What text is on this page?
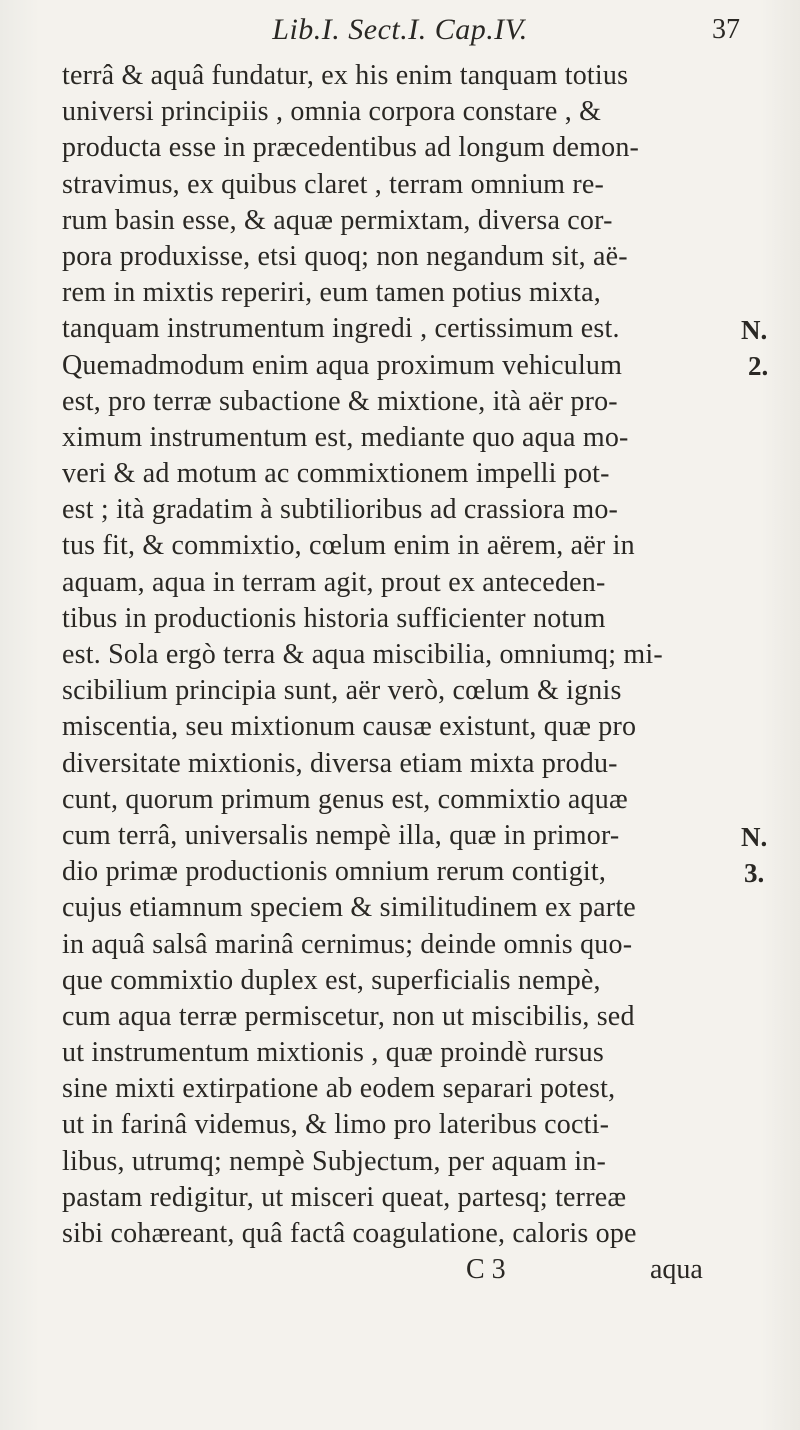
Lib.I. Sect.I. Cap.IV.	37
terrâ & aquâ fundatur, ex his enim tanquam totius
universi principiis , omnia corpora constare , &
producta esse in præcedentibus ad longum demon-
stravimus, ex quibus claret , terram omnium re-
rum basin esse, & aquæ permixtam, diversa cor-
pora produxisse, etsi quoq; non negandum sit, aë-
rem in mixtis reperiri, eum tamen potius mixta,
tanquam instrumentum ingredi , certissimum est.
Quemadmodum enim aqua proximum vehiculum
est, pro terræ subactione & mixtione, ità aër pro-
ximum instrumentum est, mediante quo aqua mo-
veri & ad motum ac commixtionem impelli pot-
est ; ità gradatim à subtilioribus ad crassiora mo-
tus fit, & commixtio, cœlum enim in aërem, aër in
aquam, aqua in terram agit, prout ex anteceden-
tibus in productionis historia sufficienter notum
est. Sola ergò terra & aqua miscibilia, omniumq; mi-
scibilium principia sunt, aër verò, cœlum & ignis
miscentia, seu mixtionum causæ existunt, quæ pro
diversitate mixtionis, diversa etiam mixta produ-
cunt, quorum primum genus est, commixtio aquæ
cum terrâ, universalis nempè illa, quæ in primor-
dio primæ productionis omnium rerum contigit,
cujus etiamnum speciem & similitudinem ex parte
in aquâ salsâ marinâ cernimus; deinde omnis quo-
que commixtio duplex est, superficialis nempè,
cum aqua terræ permiscetur, non ut miscibilis, sed
ut instrumentum mixtionis , quæ proindè rursus
sine mixti extirpatione ab eodem separari potest,
ut in farinâ videmus, & limo pro lateribus cocti-
libus, utrumq; nempè Subjectum, per aquam in-
pastam redigitur, ut misceri queat, partesq; terreæ
sibi cohæreant, quâ factâ coagulatione, caloris ope
C 3	aqua
N.
2.
N.
3.
